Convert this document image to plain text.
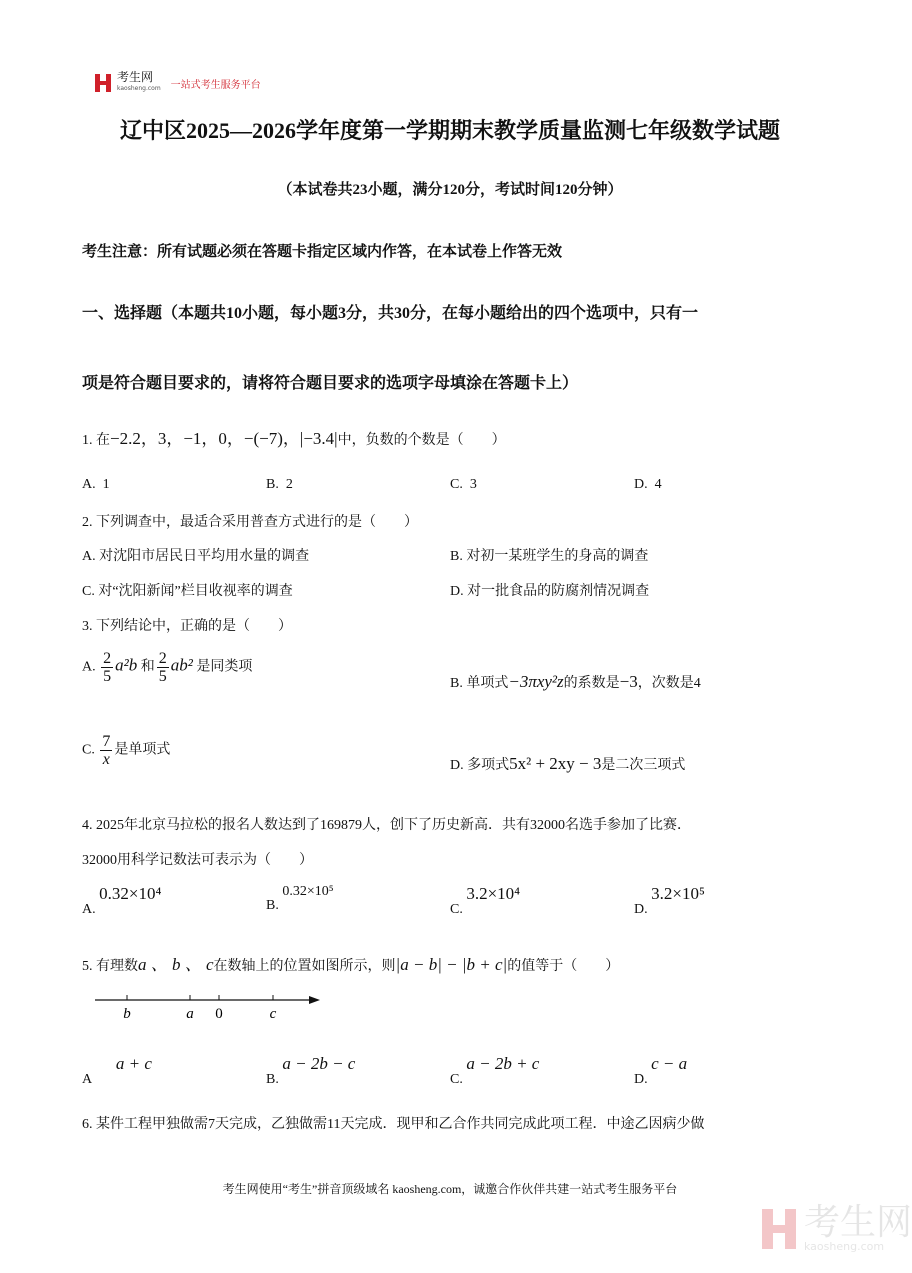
考生网
kaosheng.com 一站式考生服务平台
辽中区2025—2026学年度第一学期期末教学质量监测七年级数学试题
（本试卷共23小题，满分120分，考试时间120分钟）
考生注意：所有试题必须在答题卡指定区域内作答，在本试卷上作答无效
一、选择题（本题共10小题，每小题3分，共30分，在每小题给出的四个选项中，只有一
项是符合题目要求的，请将符合题目要求的选项字母填涂在答题卡上）
1. 在−2.2，3，−1，0，−(−7)，|−3.4|中，负数的个数是（　　）
A. 1	B. 2	C. 3	D. 4
2. 下列调查中，最适合采用普查方式进行的是（　　）
A. 对沈阳市居民日平均用水量的调查	B. 对初一某班学生的身高的调查
C. 对“沈阳新闻”栏目收视率的调查	D. 对一批食品的防腐剂情况调查
3. 下列结论中，正确的是（　　）
A. $\frac{2}{5} a^2b$ 和 $\frac{2}{5} ab^2$ 是同类项
B. 单项式−3πxy²z的系数是−3，次数是4
C. $\frac{7}{x}$ 是单项式
D. 多项式5x² + 2xy − 3是二次三项式
4. 2025年北京马拉松的报名人数达到了169879人，创下了历史新高．共有32000名选手参加了比赛．
32000用科学记数法可表示为（　　）
A. 0.32×10⁴
B. 0.32×10⁵
C. 3.2×10⁴
D. 3.2×10⁵
5. 有理数a 、 b 、 c在数轴上的位置如图所示，则|a − b| − |b + c|的值等于（　　）
b	a 0	c
A       a + c
B. a − 2b − c
C. a − 2b + c
D. c − a
6. 某件工程甲独做需7天完成，乙独做需11天完成．现甲和乙合作共同完成此项工程．中途乙因病少做
考生网使用“考生”拼音顶级域名 kaosheng.com，诚邀合作伙伴共建一站式考生服务平台
考生网
kaosheng.com
